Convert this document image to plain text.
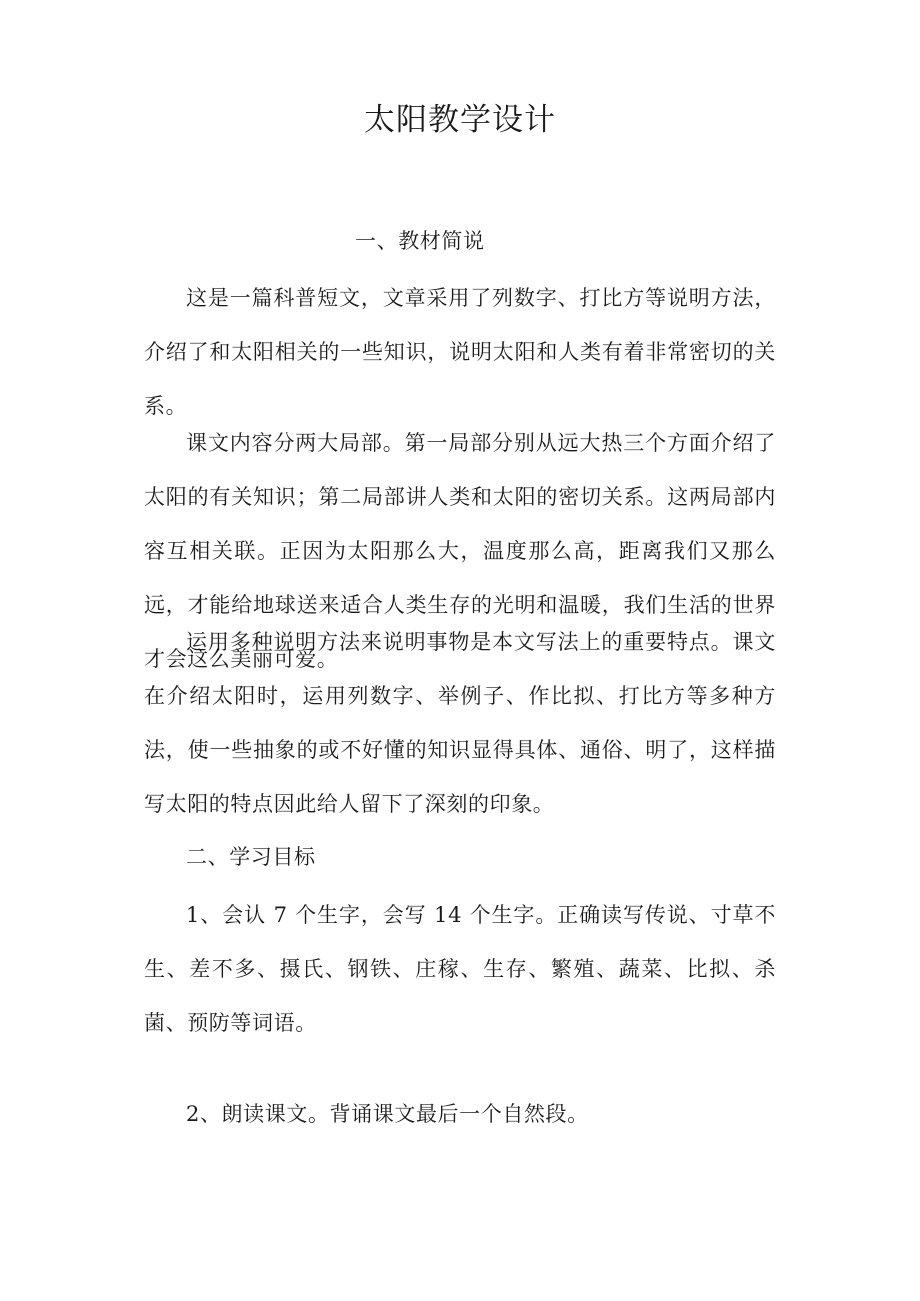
太阳教学设计
一、教材简说

这是一篇科普短文，文章采用了列数字、打比方等说明方法，介绍了和太阳相关的一些知识，说明太阳和人类有着非常密切的关系。

课文内容分两大局部。第一局部分别从远大热三个方面介绍了太阳的有关知识；第二局部讲人类和太阳的密切关系。这两局部内容互相关联。正因为太阳那么大，温度那么高，距离我们又那么远，才能给地球送来适合人类生存的光明和温暖，我们生活的世界才会这么美丽可爱。

运用多种说明方法来说明事物是本文写法上的重要特点。课文在介绍太阳时，运用列数字、举例子、作比拟、打比方等多种方法，使一些抽象的或不好懂的知识显得具体、通俗、明了，这样描写太阳的特点因此给人留下了深刻的印象。

二、学习目标

1、会认 7 个生字，会写 14 个生字。正确读写传说、寸草不生、差不多、摄氏、钢铁、庄稼、生存、繁殖、蔬菜、比拟、杀菌、预防等词语。

2、朗读课文。背诵课文最后一个自然段。
